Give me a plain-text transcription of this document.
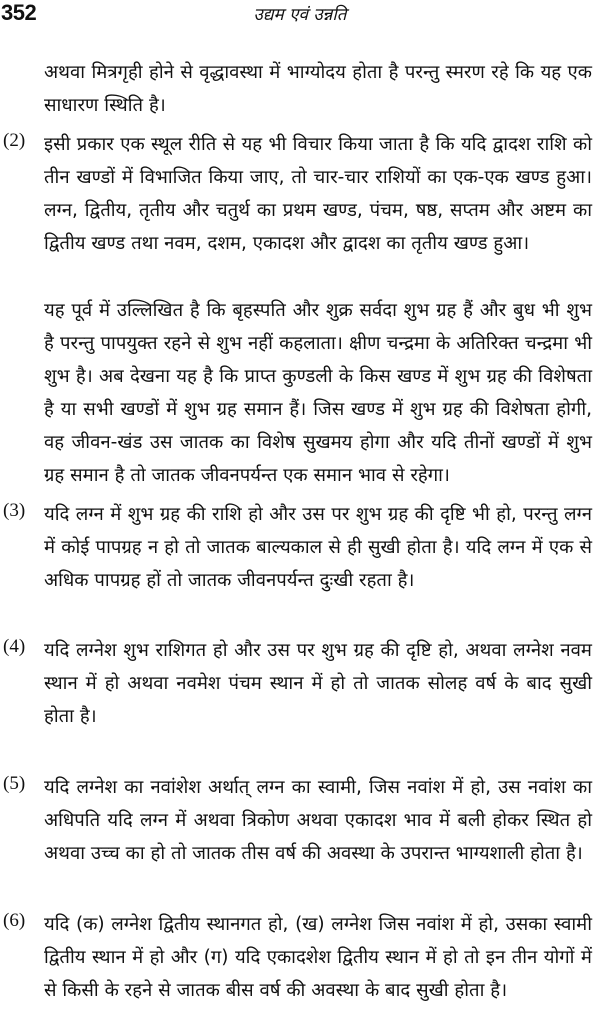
352	उद्यम एवं उन्नति
अथवा मित्रगृही होने से वृद्धावस्था में भाग्योदय होता है परन्तु स्मरण रहे कि यह एक साधारण स्थिति है।
(2) इसी प्रकार एक स्थूल रीति से यह भी विचार किया जाता है कि यदि द्वादश राशि को तीन खण्डों में विभाजित किया जाए, तो चार-चार राशियों का एक-एक खण्ड हुआ। लग्न, द्वितीय, तृतीय और चतुर्थ का प्रथम खण्ड, पंचम, षष्ठ, सप्तम और अष्टम का द्वितीय खण्ड तथा नवम, दशम, एकादश और द्वादश का तृतीय खण्ड हुआ।
यह पूर्व में उल्लिखित है कि बृहस्पति और शुक्र सर्वदा शुभ ग्रह हैं और बुध भी शुभ है परन्तु पापयुक्त रहने से शुभ नहीं कहलाता। क्षीण चन्द्रमा के अतिरिक्त चन्द्रमा भी शुभ है। अब देखना यह है कि प्राप्त कुण्डली के किस खण्ड में शुभ ग्रह की विशेषता है या सभी खण्डों में शुभ ग्रह समान हैं। जिस खण्ड में शुभ ग्रह की विशेषता होगी, वह जीवन-खंड उस जातक का विशेष सुखमय होगा और यदि तीनों खण्डों में शुभ ग्रह समान है तो जातक जीवनपर्यन्त एक समान भाव से रहेगा।
(3) यदि लग्न में शुभ ग्रह की राशि हो और उस पर शुभ ग्रह की दृष्टि भी हो, परन्तु लग्न में कोई पापग्रह न हो तो जातक बाल्यकाल से ही सुखी होता है। यदि लग्न में एक से अधिक पापग्रह हों तो जातक जीवनपर्यन्त दुःखी रहता है।
(4) यदि लग्नेश शुभ राशिगत हो और उस पर शुभ ग्रह की दृष्टि हो, अथवा लग्नेश नवम स्थान में हो अथवा नवमेश पंचम स्थान में हो तो जातक सोलह वर्ष के बाद सुखी होता है।
(5) यदि लग्नेश का नवांशेश अर्थात् लग्न का स्वामी, जिस नवांश में हो, उस नवांश का अधिपति यदि लग्न में अथवा त्रिकोण अथवा एकादश भाव में बली होकर स्थित हो अथवा उच्च का हो तो जातक तीस वर्ष की अवस्था के उपरान्त भाग्यशाली होता है।
(6) यदि (क) लग्नेश द्वितीय स्थानगत हो, (ख) लग्नेश जिस नवांश में हो, उसका स्वामी द्वितीय स्थान में हो और (ग) यदि एकादशेश द्वितीय स्थान में हो तो इन तीन योगों में से किसी के रहने से जातक बीस वर्ष की अवस्था के बाद सुखी होता है।
